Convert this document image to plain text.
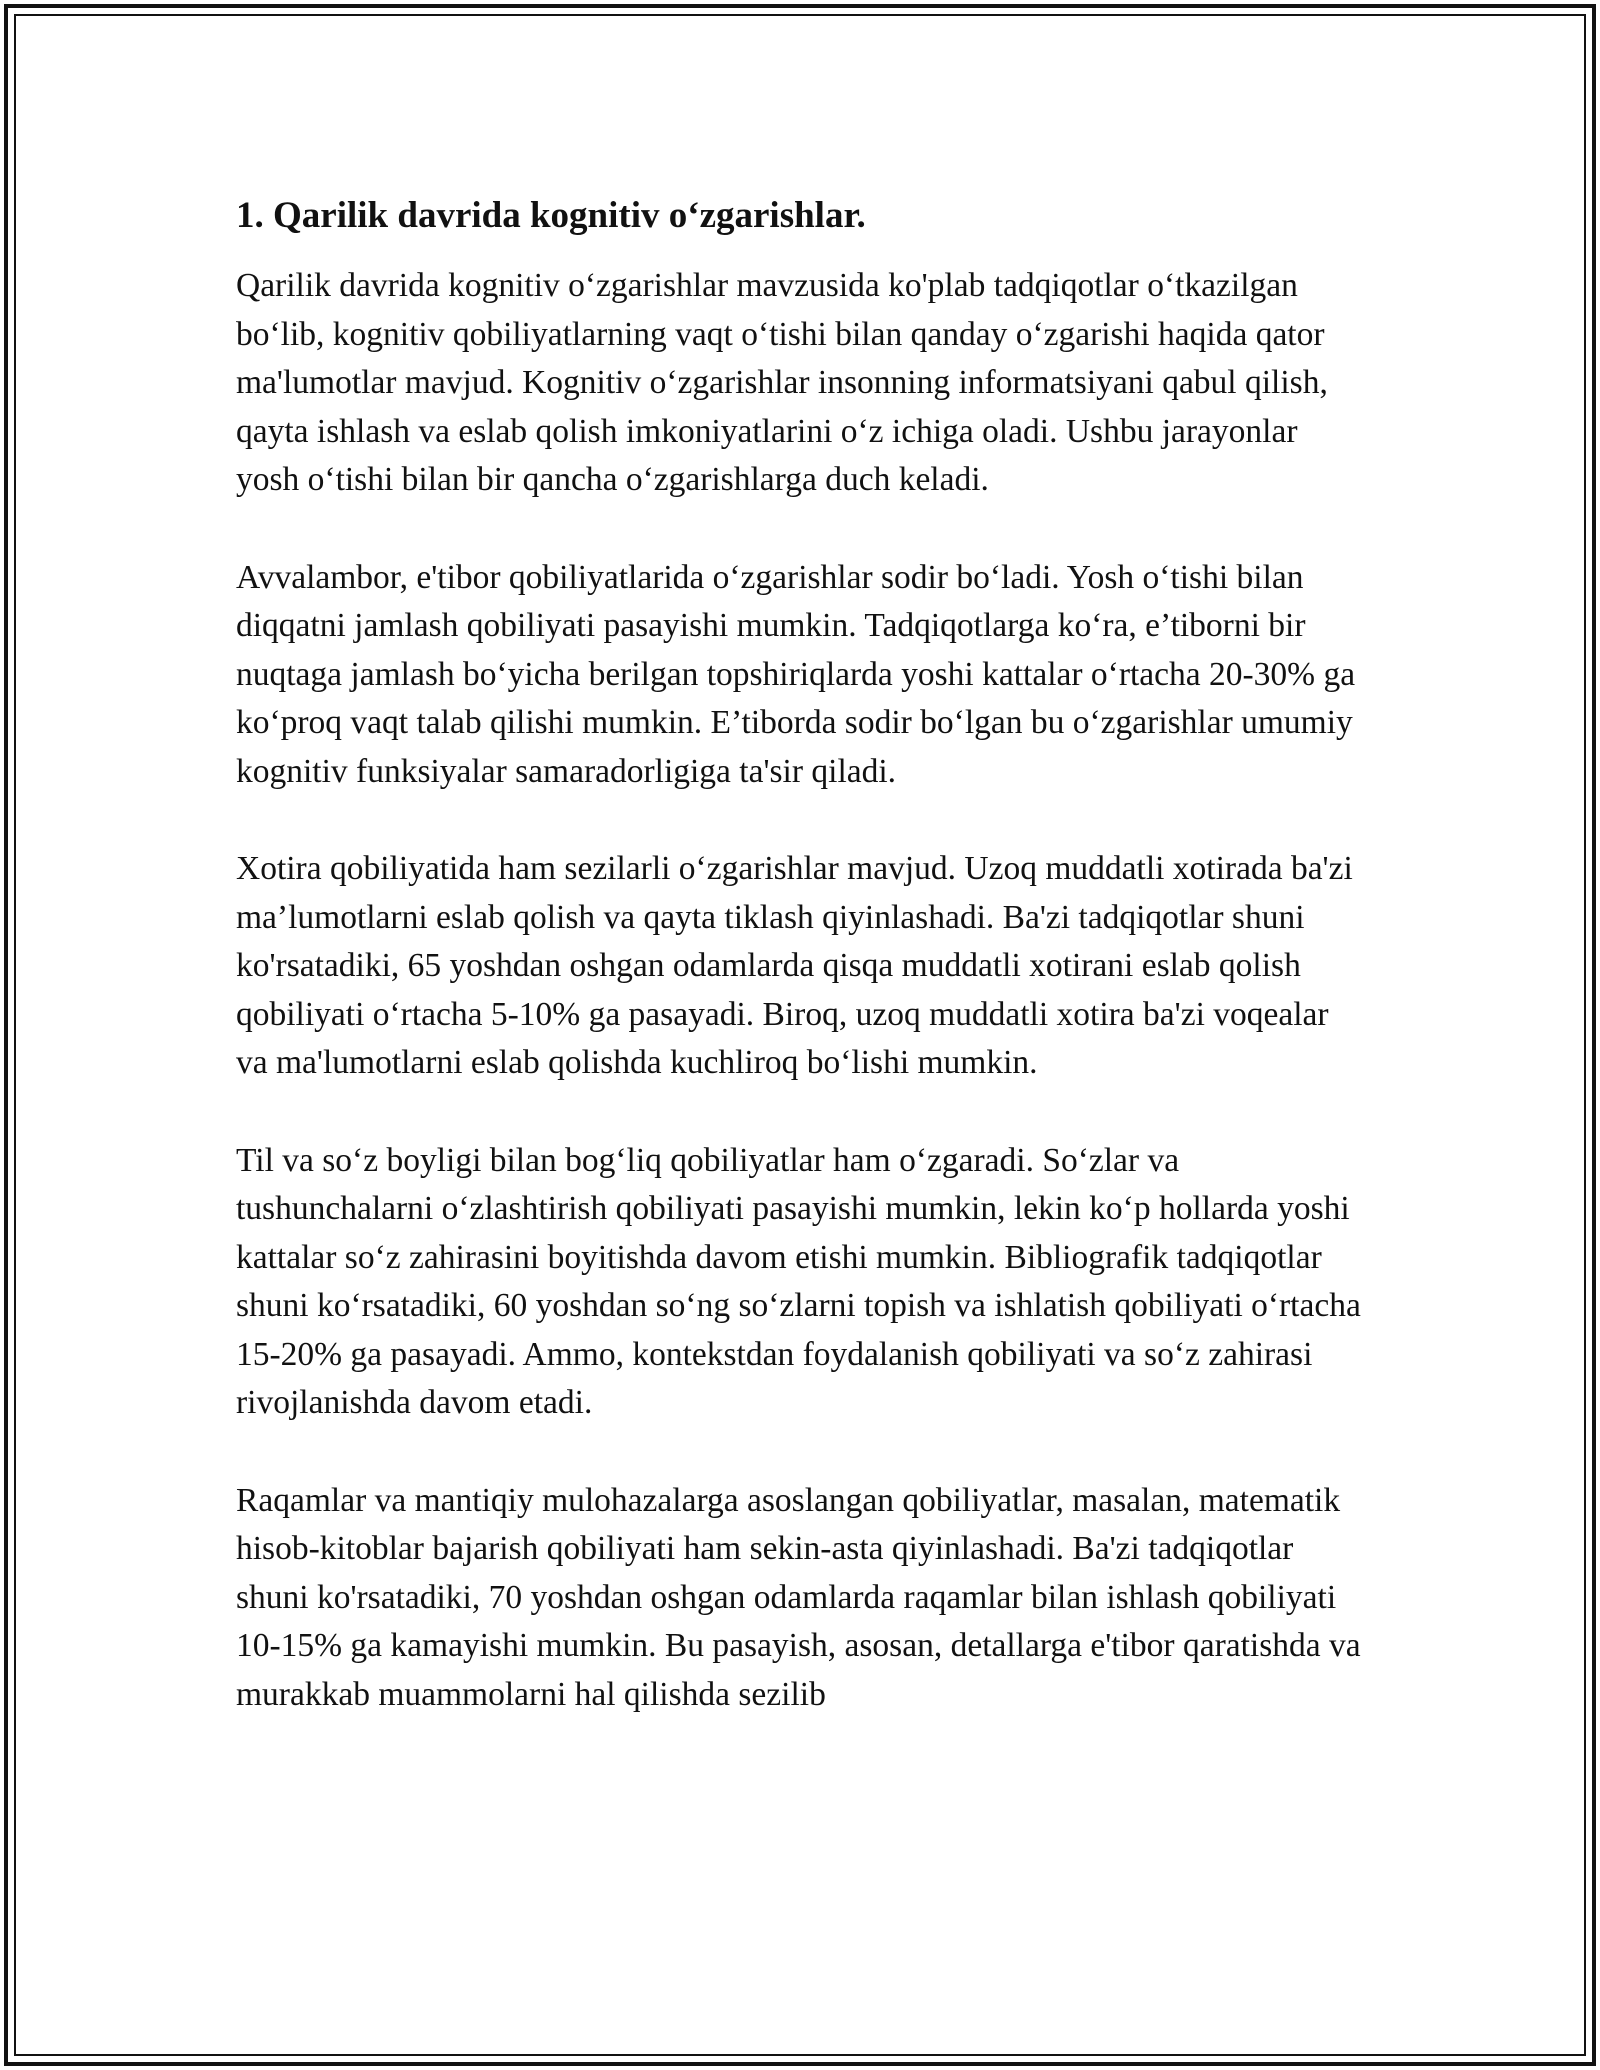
1. Qarilik davrida kognitiv o‘zgarishlar.

Qarilik davrida kognitiv o‘zgarishlar mavzusida ko'plab tadqiqotlar o‘tkazilgan bo‘lib, kognitiv qobiliyatlarning vaqt o‘tishi bilan qanday o‘zgarishi haqida qator ma'lumotlar mavjud. Kognitiv o‘zgarishlar insonning informatsiyani qabul qilish, qayta ishlash va eslab qolish imkoniyatlarini o‘z ichiga oladi. Ushbu jarayonlar yosh o‘tishi bilan bir qancha o‘zgarishlarga duch keladi.

Avvalambor, e'tibor qobiliyatlarida o‘zgarishlar sodir bo‘ladi. Yosh o‘tishi bilan diqqatni jamlash qobiliyati pasayishi mumkin. Tadqiqotlarga ko‘ra, e’tiborni bir nuqtaga jamlash bo‘yicha berilgan topshiriqlarda yoshi kattalar o‘rtacha 20-30% ga ko‘proq vaqt talab qilishi mumkin. E’tiborda sodir bo‘lgan bu o‘zgarishlar umumiy kognitiv funksiyalar samaradorligiga ta'sir qiladi.

Xotira qobiliyatida ham sezilarli o‘zgarishlar mavjud. Uzoq muddatli xotirada ba'zi ma’lumotlarni eslab qolish va qayta tiklash qiyinlashadi. Ba'zi tadqiqotlar shuni ko'rsatadiki, 65 yoshdan oshgan odamlarda qisqa muddatli xotirani eslab qolish qobiliyati o‘rtacha 5-10% ga pasayadi. Biroq, uzoq muddatli xotira ba'zi voqealar va ma'lumotlarni eslab qolishda kuchliroq bo‘lishi mumkin.

Til va so‘z boyligi bilan bog‘liq qobiliyatlar ham o‘zgaradi. So‘zlar va tushunchalarni o‘zlashtirish qobiliyati pasayishi mumkin, lekin ko‘p hollarda yoshi kattalar so‘z zahirasini boyitishda davom etishi mumkin. Bibliografik tadqiqotlar shuni ko‘rsatadiki, 60 yoshdan so‘ng so‘zlarni topish va ishlatish qobiliyati o‘rtacha 15-20% ga pasayadi. Ammo, kontekstdan foydalanish qobiliyati va so‘z zahirasi rivojlanishda davom etadi.

Raqamlar va mantiqiy mulohazalarga asoslangan qobiliyatlar, masalan, matematik hisob-kitoblar bajarish qobiliyati ham sekin-asta qiyinlashadi. Ba'zi tadqiqotlar shuni ko'rsatadiki, 70 yoshdan oshgan odamlarda raqamlar bilan ishlash qobiliyati 10-15% ga kamayishi mumkin. Bu pasayish, asosan, detallarga e'tibor qaratishda va murakkab muammolarni hal qilishda sezilib
